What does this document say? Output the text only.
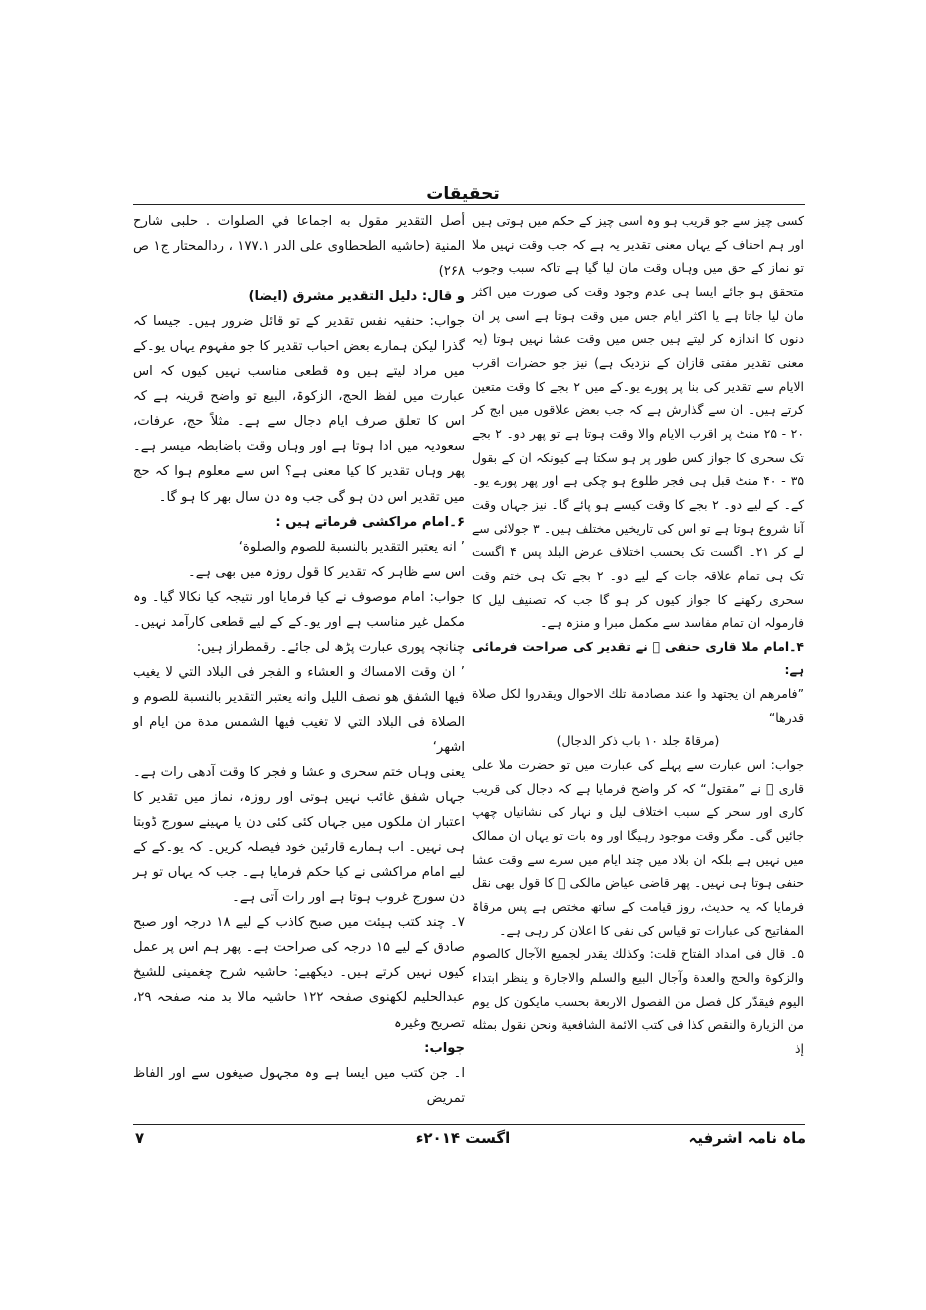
تحقیقات

کسی چیز سے جو قریب ہو وہ اسی چیز کے حکم میں ہوتی ہیں اور ہم احناف کے یہاں معنی تقدیر یہ ہے کہ جب وقت نہیں ملا تو نماز کے حق میں وہاں وقت مان لیا گیا ہے تاکہ سبب وجوب متحقق ہو جائے ایسا ہی عدم وجود وقت کی صورت میں اکثر مان لیا جاتا ہے یا اکثر ایام جس میں وقت ہوتا ہے اسی پر ان دنوں کا اندازہ کر لیتے ہیں جس میں وقت عشا نہیں ہوتا (یہ معنی تقدیر مفتی قازان کے نزدیک ہے) نیز جو حضرات اقرب الایام سے تقدیر کی بنا پر پورے یو۔کے میں ۲ بجے کا وقت متعین کرتے ہیں۔ ان سے گذارش ہے کہ جب بعض علاقوں میں ابج کر ۲۰ - ۲۵ منٹ پر اقرب الایام والا وقت ہوتا ہے تو پھر دو۔ ۲ بجے تک سحری کا جواز کس طور پر ہو سکتا ہے کیونکہ ان کے بقول ۳۵ - ۴۰ منٹ قبل ہی فجر طلوع ہو چکی ہے اور پھر پورے یو۔کے۔ کے لیے دو۔ ۲ بجے کا وقت کیسے ہو پائے گا۔ نیز جہاں وقت آنا شروع ہوتا ہے تو اس کی تاریخیں مختلف ہیں۔ ۳ جولائی سے لے کر ۲۱۔ اگست تک بحسب اختلاف عرض البلد پس ۴ اگست تک ہی تمام علاقہ جات کے لیے دو۔ ۲ بجے تک ہی ختم وقت سحری رکھنے کا جواز کیوں کر ہو گا جب کہ تصنیف لیل کا فارمولہ ان تمام مفاسد سے مکمل مبرا و منزہ ہے۔

۴۔امام ملا قاری حنفی ﷫ نے تقدیر کی صراحت فرمائی ہے:

”فامرهم ان يجتهد وا عند مصادمة تلك الاحوال ويقدروا لكل صلاة قدرها“

(مرقاۃ جلد ۱۰ باب ذکر الدجال)

جواب: اس عبارت سے پہلے کی عبارت میں تو حضرت ملا علی قاری ﷫ نے ”مقتول“ کہ کر واضح فرمایا ہے کہ دجال کی قریب کاری اور سحر کے سبب اختلاف لیل و نہار کی نشانیاں چھپ جائیں گی۔ مگر وقت موجود رہیگا اور وہ بات تو یہاں ان ممالک میں نہیں ہے بلکہ ان بلاد میں چند ایام میں سرے سے وقت عشا حنفی ہوتا ہی نہیں۔ پھر قاضی عیاض مالکی ﷫ کا قول بھی نقل فرمایا کہ یہ حدیث، روز قیامت کے ساتھ مختص ہے پس مرقاۃ المفاتیح کی عبارات تو قیاس کی نفی کا اعلان کر رہی ہے۔

۵۔ قال فی امداد الفتاح قلت: وكذلك يقدر لجميع الآجال كالصوم والزكوة والحج والعدة وآجال البيع والسلم والاجارة و ينظر ابتداء اليوم فيقدّر كل فصل من الفصول الاربعة بحسب مايكون كل يوم من الزيارة والنقص كذا فی كتب الائمة الشافعية ونحن نقول بمثله إذ

أصل التقدير مقول به اجماعا في الصلوات . حلبی شارح المنية (حاشيه الطحطاوی علی الدر ۱۷۷.۱ ، ردالمحتار ج۱ ص ۲۶۸)

و قال: دلیل التقدیر مشرق (ایضا)

جواب: حنفیہ نفس تقدیر کے تو قائل ضرور ہیں۔ جیسا کہ گذرا لیکن ہمارے بعض احباب تقدیر کا جو مفہوم یہاں یو۔کے میں مراد لیتے ہیں وہ قطعی مناسب نہیں کیوں کہ اس عبارت میں لفظ الحج، الزکوۃ، البیع تو واضح قرینہ ہے کہ اس کا تعلق صرف ایام دجال سے ہے۔ مثلاً حج، عرفات، سعودیہ میں ادا ہوتا ہے اور وہاں وقت باضابطہ میسر ہے۔ پھر وہاں تقدیر کا کیا معنی ہے؟ اس سے معلوم ہوا کہ حج میں تقدیر اس دن ہو گی جب وہ دن سال بھر کا ہو گا۔

۶۔امام مراکشی فرماتے ہیں :

’ انه يعتبر التقدير بالنسبة للصوم والصلوة‘

اس سے ظاہر کہ تقدیر کا قول روزہ میں بھی ہے۔

جواب: امام موصوف نے کیا فرمایا اور نتیجہ کیا نکالا گیا۔ وہ مکمل غیر مناسب ہے اور یو۔کے کے لیے قطعی کارآمد نہیں۔ چنانچہ پوری عبارت پڑھ لی جائے۔ رقمطراز ہیں:

’ ان وقت الامساك و العشاء و الفجر فی البلاد التي لا يغيب فيها الشفق هو نصف الليل وانه يعتبر التقدير بالنسبة للصوم و الصلاة فی البلاد التي لا تغيب فيها الشمس مدة من ايام او اشهر‘

یعنی وہاں ختم سحری و عشا و فجر کا وقت آدھی رات ہے۔ جہاں شفق غائب نہیں ہوتی اور روزہ، نماز میں تقدیر کا اعتبار ان ملکوں میں جہاں کئی کئی دن یا مہینے سورج ڈوبتا ہی نہیں۔ اب ہمارے قارئین خود فیصلہ کریں۔ کہ یو۔کے کے لیے امام مراکشی نے کیا حکم فرمایا ہے۔ جب کہ یہاں تو ہر دن سورج غروب ہوتا ہے اور رات آتی ہے۔

۷۔ چند کتب ہیئت میں صبح کاذب کے لیے ۱۸ درجہ اور صبح صادق کے لیے ۱۵ درجہ کی صراحت ہے۔ پھر ہم اس پر عمل کیوں نہیں کرتے ہیں۔ دیکھیے: حاشیہ شرح چغمینی للشیخ عبدالحلیم لکھنوی صفحہ ۱۲۲ حاشیہ مالا بد منہ صفحہ ۲۹، تصریح وغیرہ

جواب:

ا۔ جن کتب میں ایسا ہے وہ مجہول صیغوں سے اور الفاظ تمریض

ماہ نامہ اشرفیہ
اگست ۲۰۱۴ء
۷
